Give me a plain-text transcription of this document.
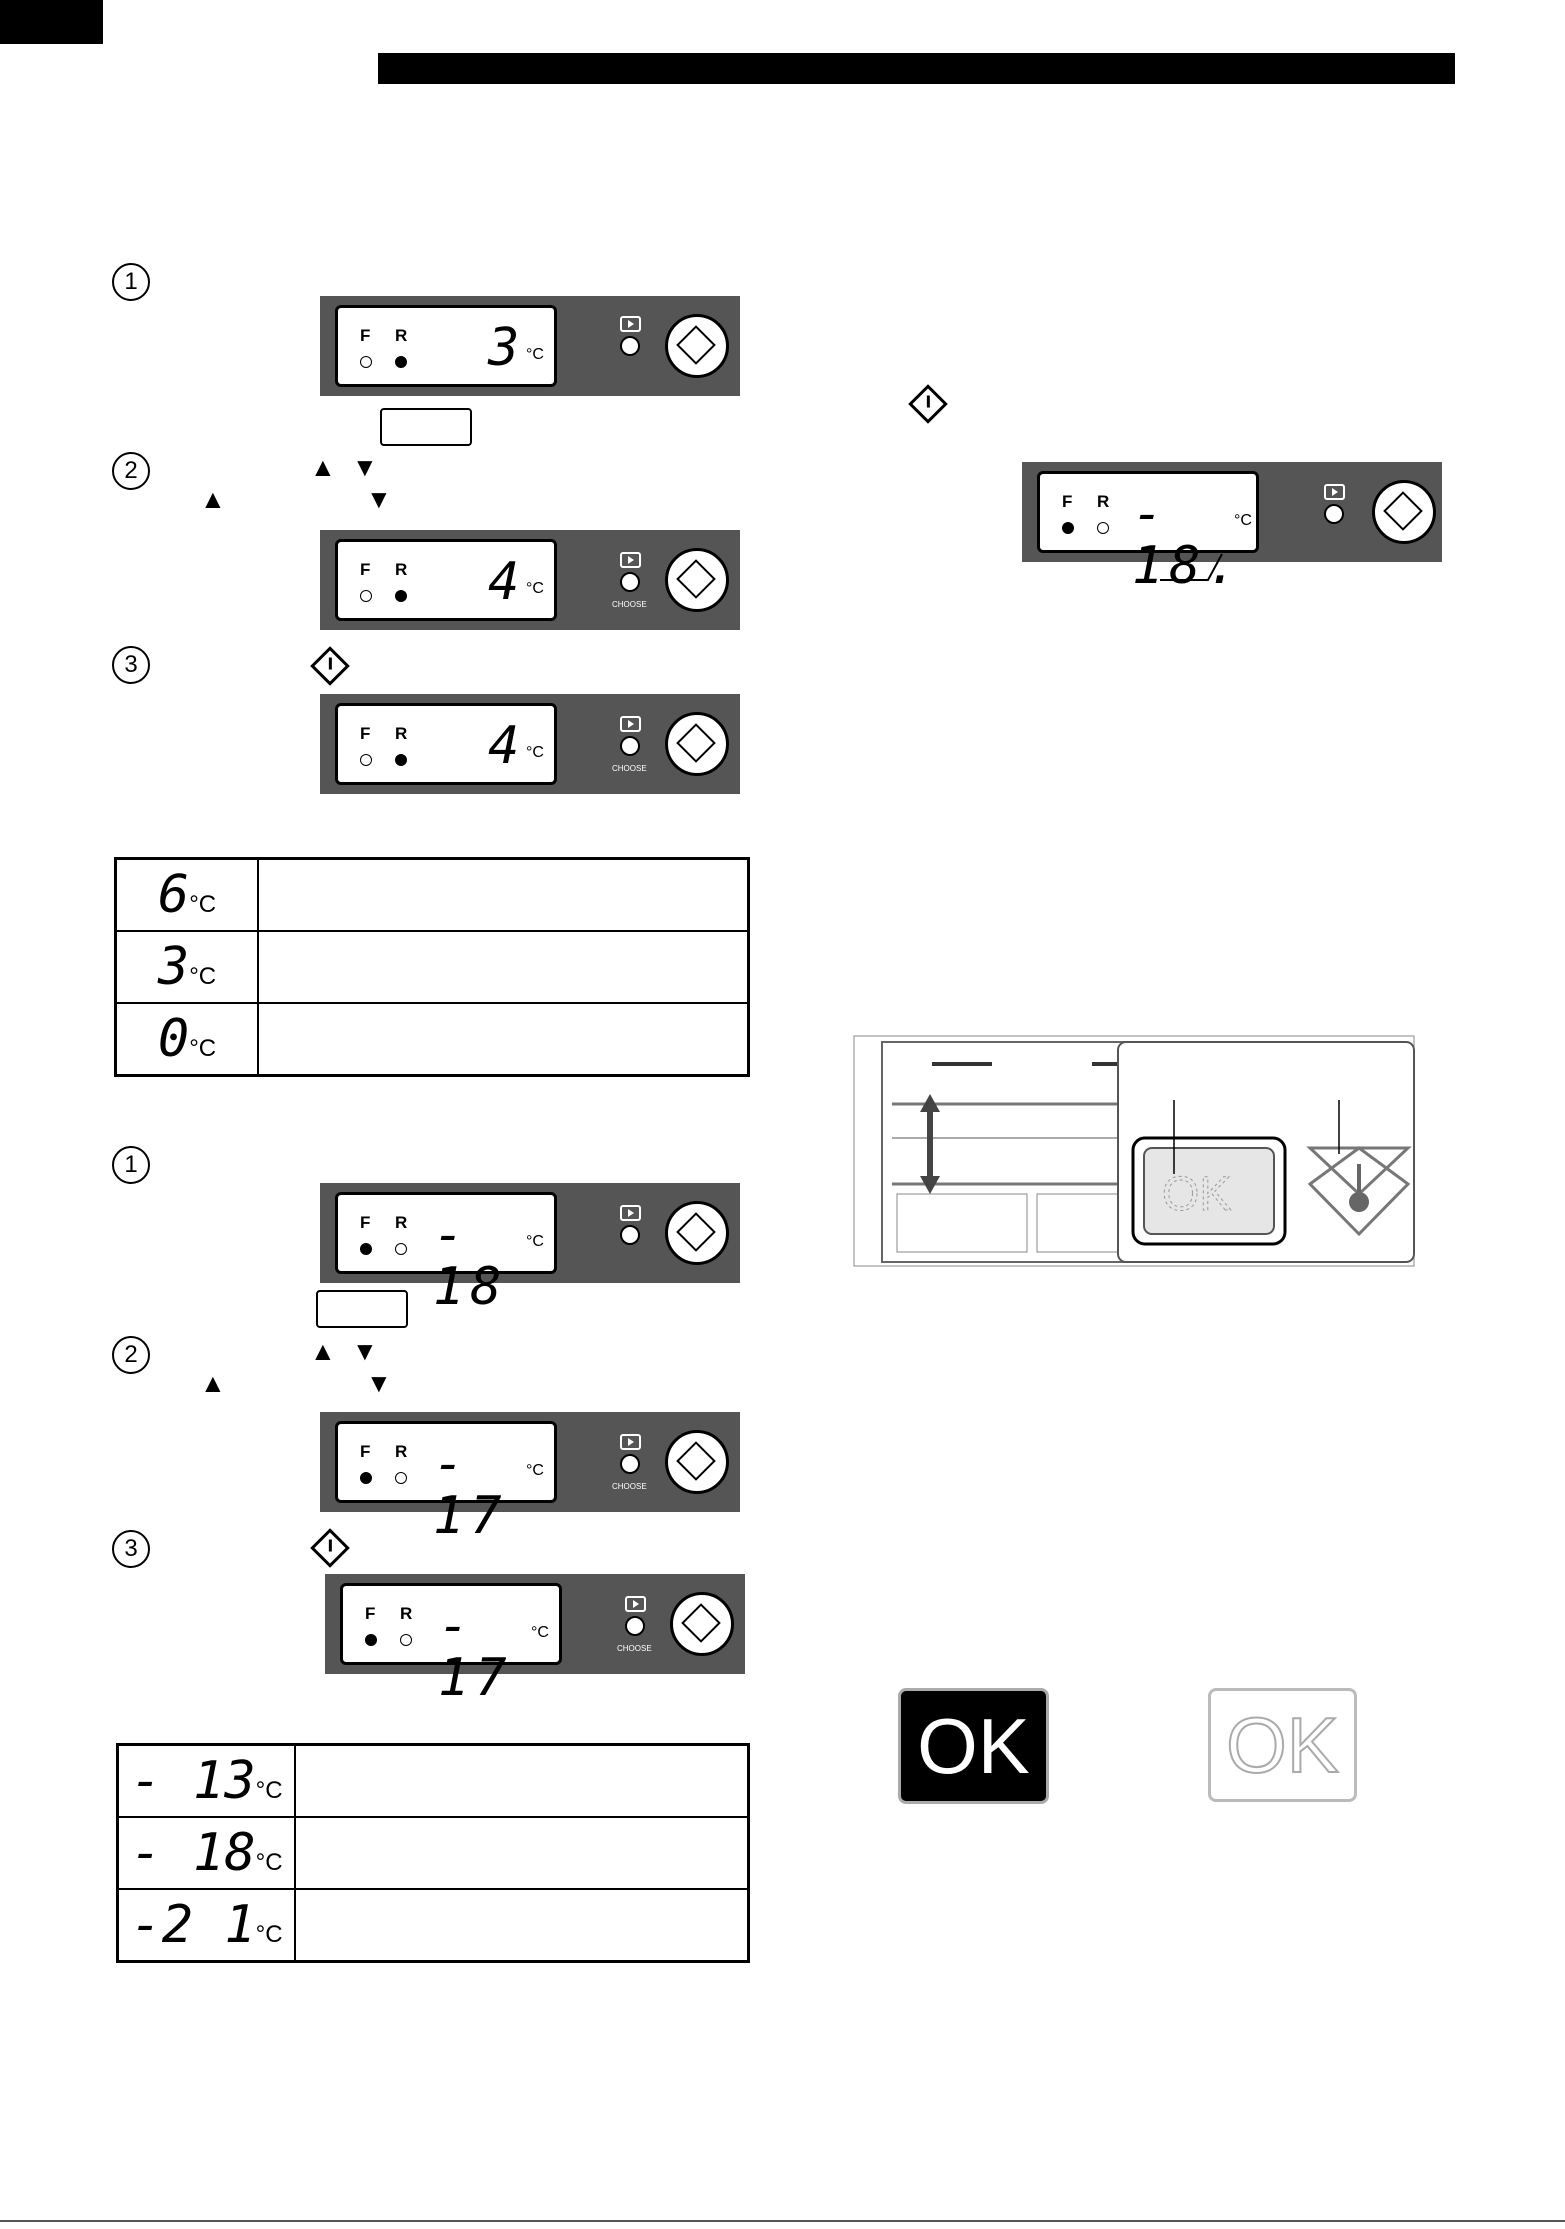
1
F R 3 °C
2	▲ ▼
▲	▼
F R 4 °C
CHOOSE
3
F R 4 °C
CHOOSE
6°C	
3°C	
0°C	
1
F R - 18
°C
2	▲ ▼
▲	▼
F R - 17
°C
CHOOSE
3
F R - 17
°C
CHOOSE
- 13°C	
- 18°C	
-2 1°C	
F R - 18.
°C
OK
OK	OK
